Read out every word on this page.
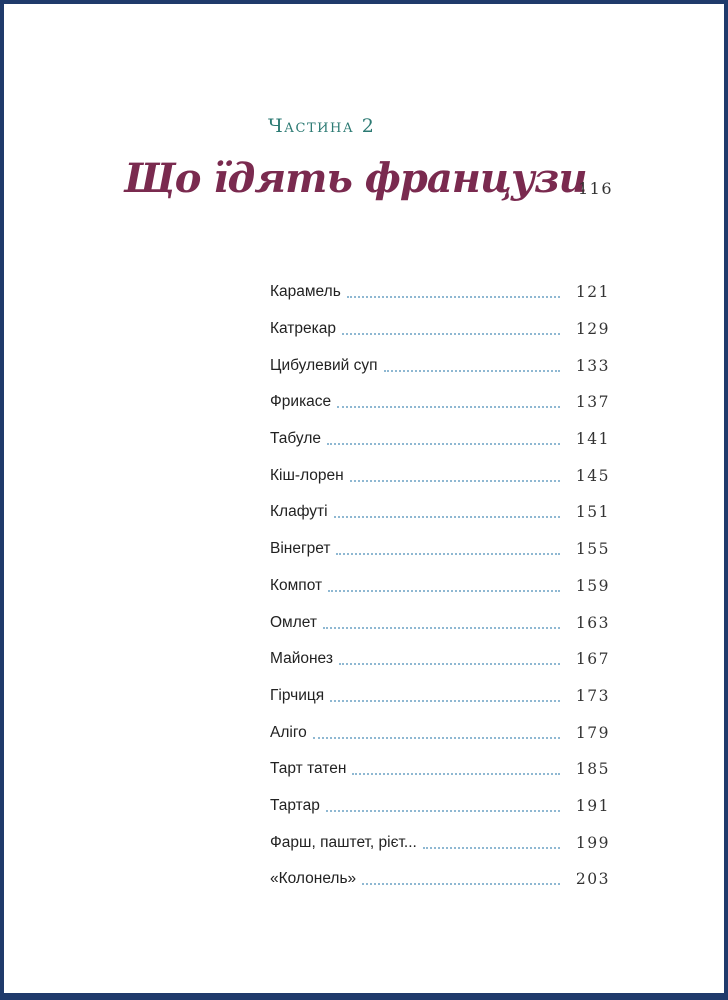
Частина 2
Що їдять французи
116
Карамель	121
Катрекар	129
Цибулевий суп	133
Фрикасе	137
Табуле	141
Кіш-лорен	145
Клафуті	151
Вінегрет	155
Компот	159
Омлет	163
Майонез	167
Гірчиця	173
Аліго	179
Тарт татен	185
Тартар	191
Фарш, паштет, рієт...	199
«Колонель»	203
